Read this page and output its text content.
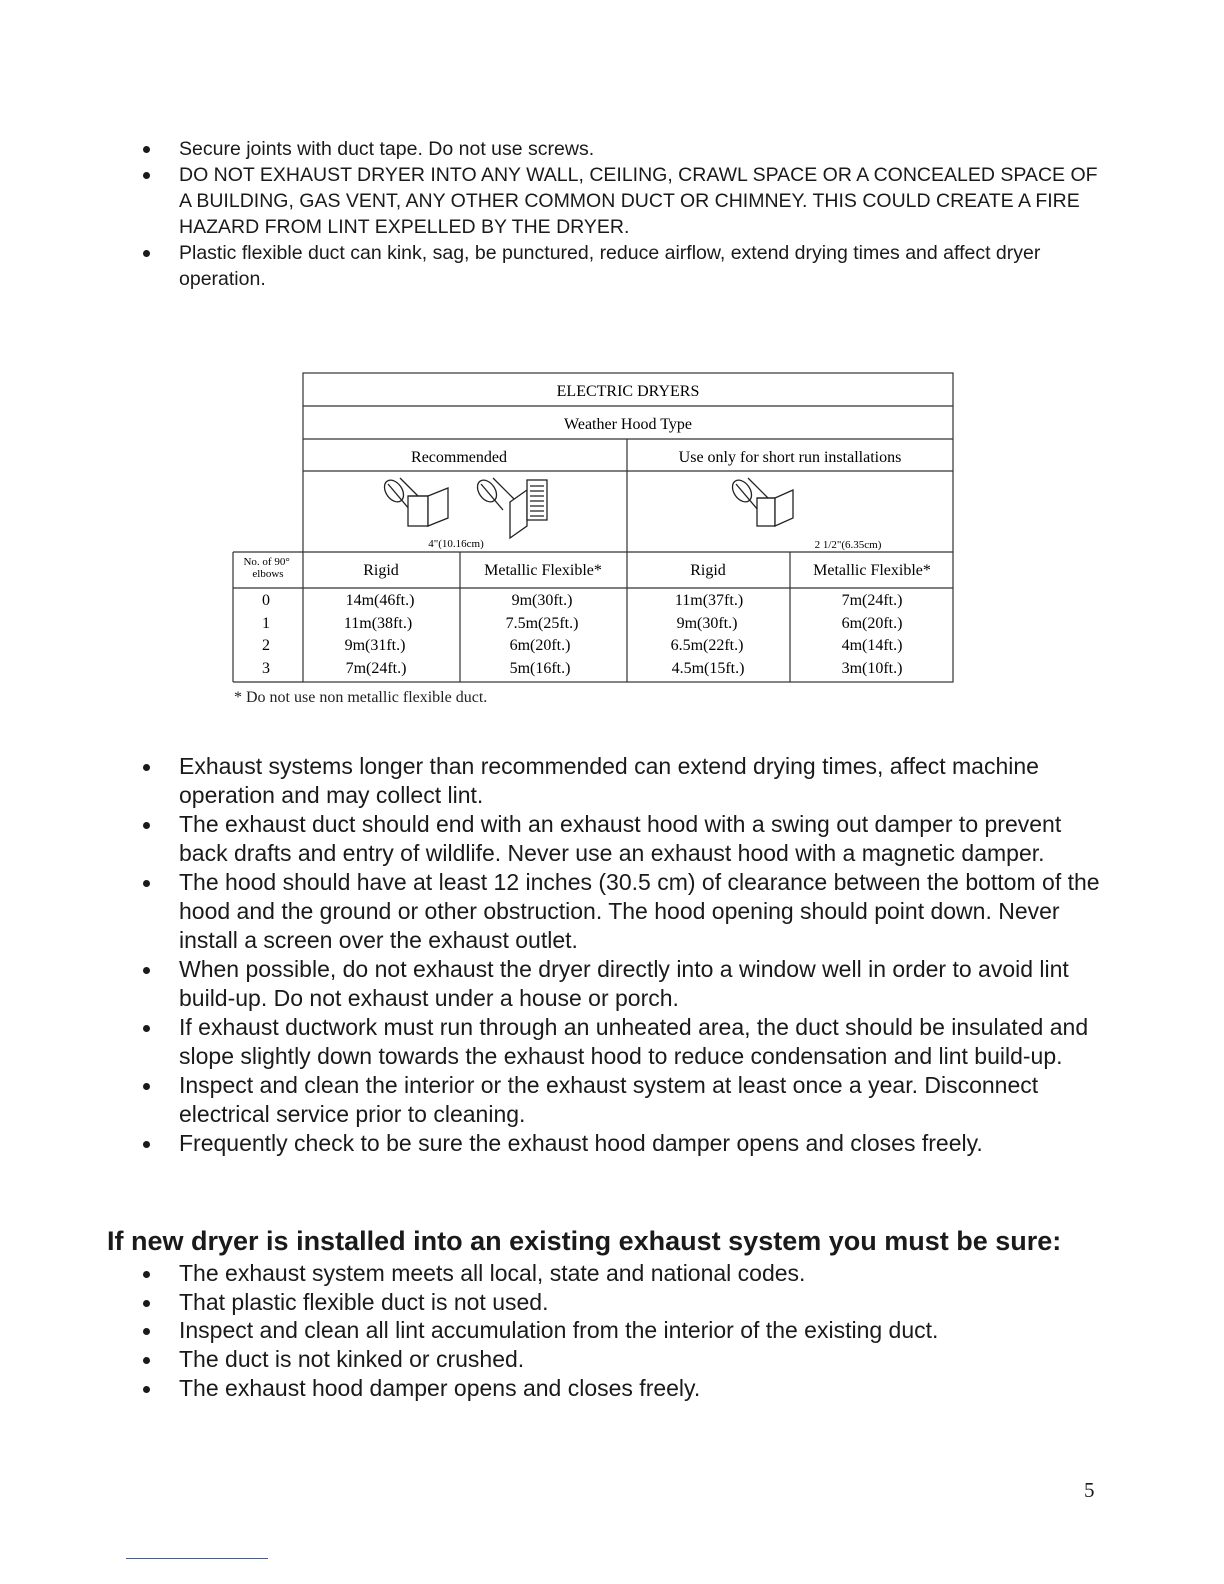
Secure joints with duct tape. Do not use screws.
DO NOT EXHAUST DRYER INTO ANY WALL, CEILING, CRAWL SPACE OR A CONCEALED SPACE OF A BUILDING, GAS VENT, ANY OTHER COMMON DUCT OR CHIMNEY. THIS COULD CREATE A FIRE HAZARD FROM LINT EXPELLED BY THE DRYER.
Plastic flexible duct can kink, sag, be punctured, reduce airflow, extend drying times and affect dryer operation.
ELECTRIC DRYERS
Weather Hood Type
Recommended	Use only for short run installations
4"(10.16cm)	2 1/2"(6.35cm)
No. of 90° elbows	Rigid	Metallic Flexible*	Rigid	Metallic Flexible*
0	14m(46ft.)	9m(30ft.)	11m(37ft.)	7m(24ft.)
1	11m(38ft.)	7.5m(25ft.)	9m(30ft.)	6m(20ft.)
2	9m(31ft.)	6m(20ft.)	6.5m(22ft.)	4m(14ft.)
3	7m(24ft.)	5m(16ft.)	4.5m(15ft.)	3m(10ft.)
* Do not use non metallic flexible duct.
Exhaust systems longer than recommended can extend drying times, affect machine operation and may collect lint.
The exhaust duct should end with an exhaust hood with a swing out damper to prevent back drafts and entry of wildlife. Never use an exhaust hood with a magnetic damper.
The hood should have at least 12 inches (30.5 cm) of clearance between the bottom of the hood and the ground or other obstruction. The hood opening should point down. Never install a screen over the exhaust outlet.
When possible, do not exhaust the dryer directly into a window well in order to avoid lint build-up. Do not exhaust under a house or porch.
If exhaust ductwork must run through an unheated area, the duct should be insulated and slope slightly down towards the exhaust hood to reduce condensation and lint build-up.
Inspect and clean the interior or the exhaust system at least once a year. Disconnect electrical service prior to cleaning.
Frequently check to be sure the exhaust hood damper opens and closes freely.
If new dryer is installed into an existing exhaust system you must be sure:
The exhaust system meets all local, state and national codes.
That plastic flexible duct is not used.
Inspect and clean all lint accumulation from the interior of the existing duct.
The duct is not kinked or crushed.
The exhaust hood damper opens and closes freely.
5
